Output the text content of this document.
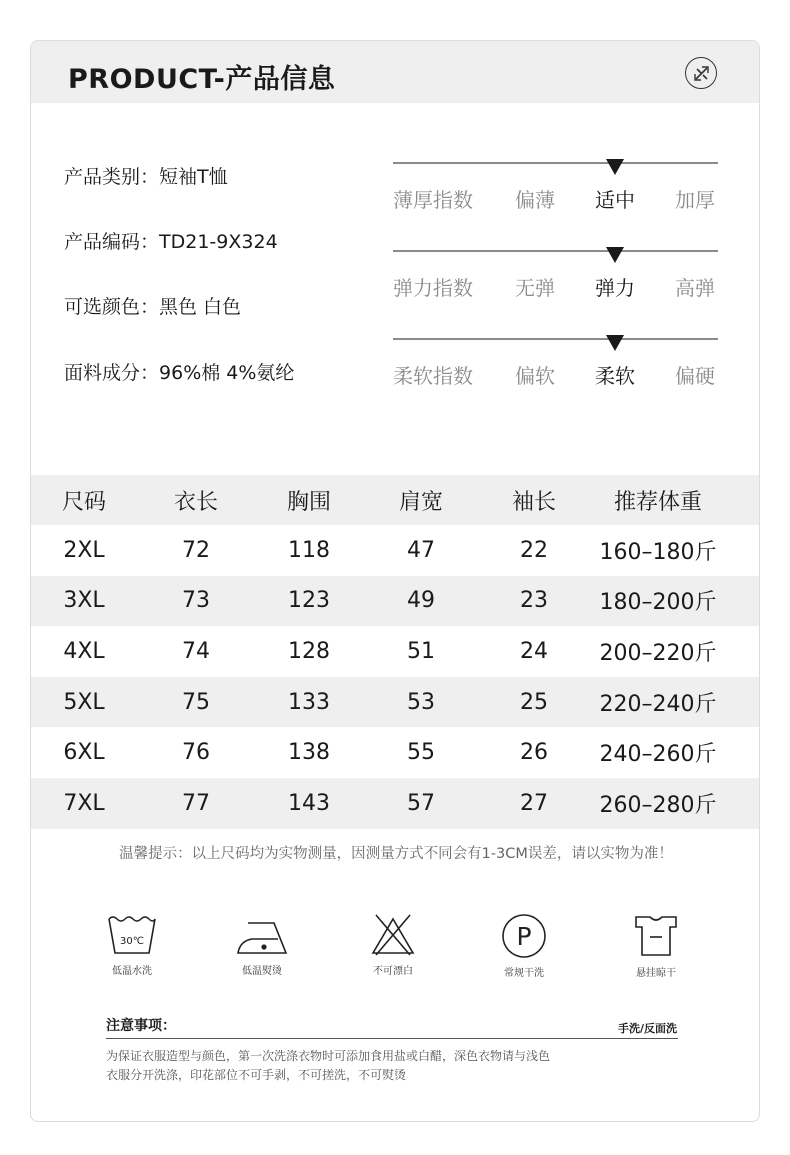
PRODUCT-产品信息
产品类别：短袖T恤
产品编码：TD21-9X324
可选颜色：黑色 白色
面料成分：96%棉 4%氨纶
薄厚指数 偏薄 适中 加厚
弹力指数 无弹 弹力 高弹
柔软指数 偏软 柔软 偏硬
尺码	衣长	胸围	肩宽	袖长	推荐体重
2XL	72	118	47	22	160–180斤
3XL	73	123	49	23	180–200斤
4XL	74	128	51	24	200–220斤
5XL	75	133	53	25	220–240斤
6XL	76	138	55	26	240–260斤
7XL	77	143	57	27	260–280斤
温馨提示：以上尺码均为实物测量，因测量方式不同会有1-3CM误差，请以实物为准！
30℃
低温水洗	低温熨烫	不可漂白
P
常规干洗	悬挂晾干
注意事项：	手洗/反面洗
为保证衣服造型与颜色，第一次洗涤衣物时可添加食用盐或白醋，深色衣物请与浅色
衣服分开洗涤，印花部位不可手剥，不可搓洗，不可熨烫
